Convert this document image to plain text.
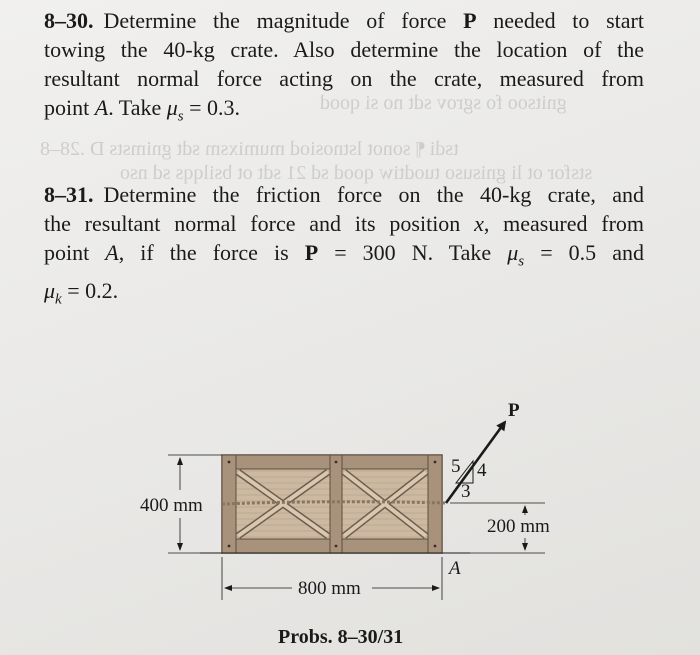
gnitsoo fo sgrov sdt no si qood
tsdi ¶ sonot lstnosiod mumixsm sdt gnimsts D .28–8
stsfor ot li gnisuso tuodtiw qood sd 21 sdt ot bsilqqs sd nso
8–30. Determine the magnitude of force P needed to start
towing the 40-kg crate. Also determine the location of the
resultant normal force acting on the crate, measured from
point A. Take $\mu_s = 0.3$.
8–31. Determine the friction force on the 40-kg crate, and
the resultant normal force and its position x, measured from
point A, if the force is P = 300 N. Take $\mu_s = 0.5$ and
$\mu_k = 0.2$.
P
5 4
3
400 mm
800 mm
200 mm
A
Probs. 8–30/31
